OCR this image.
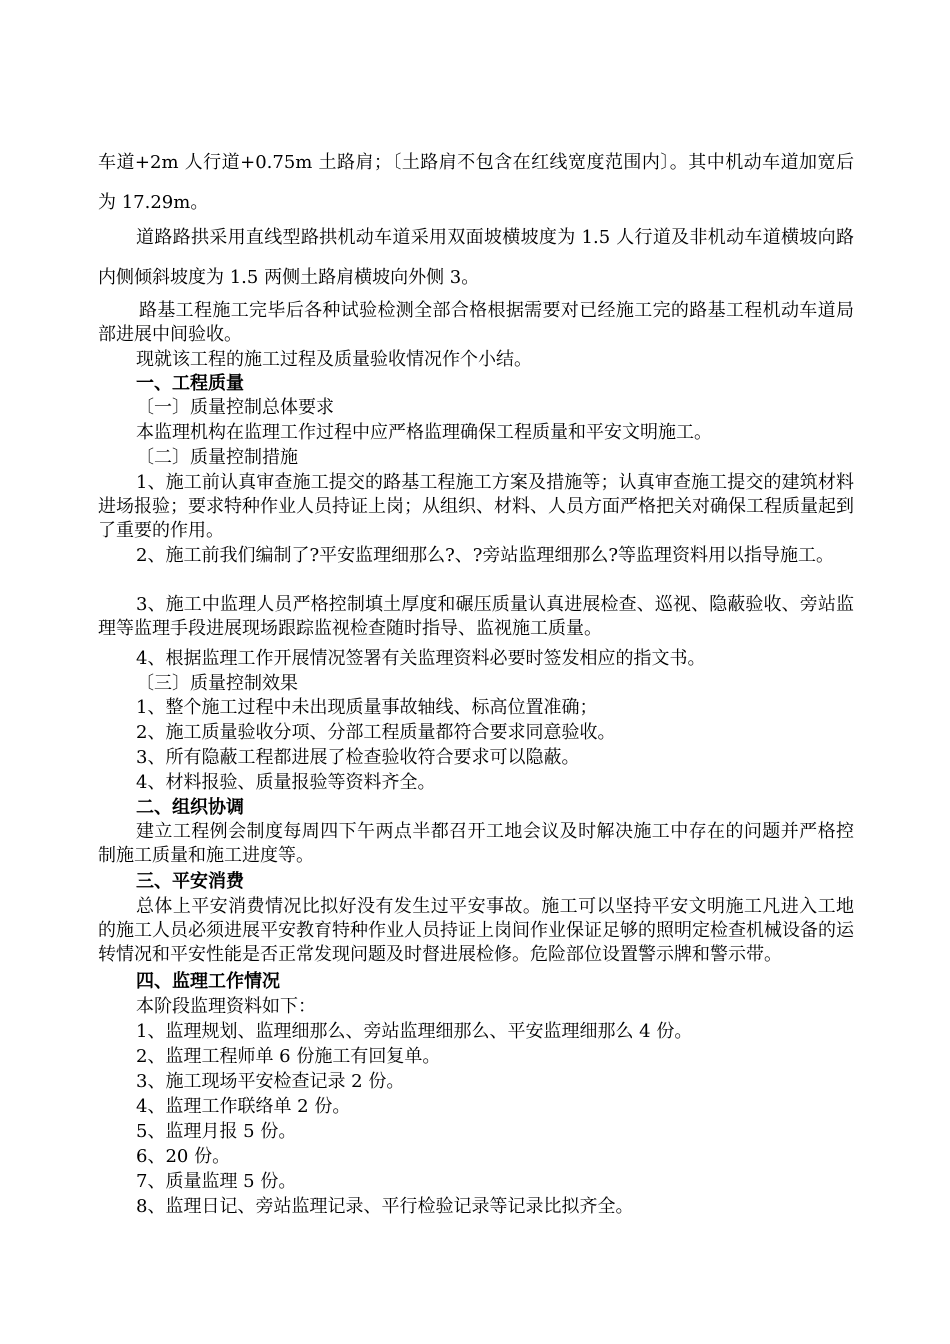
车道+2m 人行道+0.75m 土路肩；〔土路肩不包含在红线宽度范围内〕。其中机动车道加宽后为 17.29m。

道路路拱采用直线型路拱机动车道采用双面坡横坡度为 1.5 人行道及非机动车道横坡向路内侧倾斜坡度为 1.5 两侧土路肩横坡向外侧 3。

路基工程施工完毕后各种试验检测全部合格根据需要对已经施工完的路基工程机动车道局部进展中间验收。

现就该工程的施工过程及质量验收情况作个小结。

一、工程质量

〔一〕质量控制总体要求

本监理机构在监理工作过程中应严格监理确保工程质量和平安文明施工。

〔二〕质量控制措施

1、施工前认真审查施工提交的路基工程施工方案及措施等；认真审查施工提交的建筑材料进场报验；要求特种作业人员持证上岗；从组织、材料、人员方面严格把关对确保工程质量起到了重要的作用。

2、施工前我们编制了?平安监理细那么?、?旁站监理细那么?等监理资料用以指导施工。

3、施工中监理人员严格控制填土厚度和碾压质量认真进展检查、巡视、隐蔽验收、旁站监理等监理手段进展现场跟踪监视检查随时指导、监视施工质量。

4、根据监理工作开展情况签署有关监理资料必要时签发相应的指文书。

〔三〕质量控制效果

1、整个施工过程中未出现质量事故轴线、标高位置准确；

2、施工质量验收分项、分部工程质量都符合要求同意验收。

3、所有隐蔽工程都进展了检查验收符合要求可以隐蔽。

4、材料报验、质量报验等资料齐全。

二、组织协调

建立工程例会制度每周四下午两点半都召开工地会议及时解决施工中存在的问题并严格控制施工质量和施工进度等。

三、平安消费

总体上平安消费情况比拟好没有发生过平安事故。施工可以坚持平安文明施工凡进入工地的施工人员必须进展平安教育特种作业人员持证上岗间作业保证足够的照明定检查机械设备的运转情况和平安性能是否正常发现问题及时督进展检修。危险部位设置警示牌和警示带。

四、监理工作情况

本阶段监理资料如下：

1、监理规划、监理细那么、旁站监理细那么、平安监理细那么 4 份。

2、监理工程师单 6 份施工有回复单。

3、施工现场平安检查记录 2 份。

4、监理工作联络单 2 份。

5、监理月报 5 份。

6、20 份。

7、质量监理 5 份。

8、监理日记、旁站监理记录、平行检验记录等记录比拟齐全。
